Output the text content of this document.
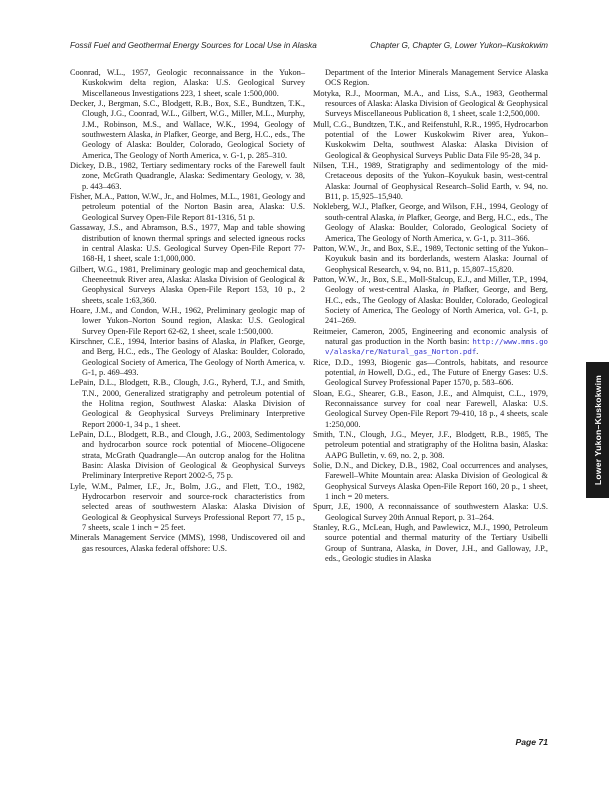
Fossil Fuel and Geothermal Energy Sources for Local Use in Alaska	Chapter G, Chapter G, Lower Yukon–Kuskokwim

Coonrad, W.L., 1957, Geologic reconnaissance in the Yukon–Kuskokwim delta region, Alaska: U.S. Geological Survey Miscellaneous Investigations 223, 1 sheet, scale 1:500,000.

Decker, J., Bergman, S.C., Blodgett, R.B., Box, S.E., Bundtzen, T.K., Clough, J.G., Coonrad, W.L., Gilbert, W.G., Miller, M.L., Murphy, J.M., Robinson, M.S., and Wallace, W.K., 1994, Geology of southwestern Alaska, in Plafker, George, and Berg, H.C., eds., The Geology of Alaska: Boulder, Colorado, Geological Society of America, The Geology of North America, v. G-1, p. 285–310.

Dickey, D.B., 1982, Tertiary sedimentary rocks of the Farewell fault zone, McGrath Quadrangle, Alaska: Sedimentary Geology, v. 38, p. 443–463.

Fisher, M.A., Patton, W.W., Jr., and Holmes, M.L., 1981, Geology and petroleum potential of the Norton Basin area, Alaska: U.S. Geological Survey Open-File Report 81-1316, 51 p.

Gassaway, J.S., and Abramson, B.S., 1977, Map and table showing distribution of known thermal springs and selected igneous rocks in central Alaska: U.S. Geological Survey Open-File Report 77-168-H, 1 sheet, scale 1:1,000,000.

Gilbert, W.G., 1981, Preliminary geologic map and geochemical data, Cheeneetnuk River area, Alaska: Alaska Division of Geological & Geophysical Surveys Alaska Open-File Report 153, 10 p., 2 sheets, scale 1:63,360.

Hoare, J.M., and Condon, W.H., 1962, Preliminary geologic map of lower Yukon–Norton Sound region, Alaska: U.S. Geological Survey Open-File Report 62-62, 1 sheet, scale 1:500,000.

Kirschner, C.E., 1994, Interior basins of Alaska, in Plafker, George, and Berg, H.C., eds., The Geology of Alaska: Boulder, Colorado, Geological Society of America, The Geology of North America, v. G-1, p. 469–493.

LePain, D.L., Blodgett, R.B., Clough, J.G., Ryherd, T.J., and Smith, T.N., 2000, Generalized stratigraphy and petroleum potential of the Holitna region, Southwest Alaska: Alaska Division of Geological & Geophysical Surveys Preliminary Interpretive Report 2000-1, 34 p., 1 sheet.

LePain, D.L., Blodgett, R.B., and Clough, J.G., 2003, Sedimentology and hydrocarbon source rock potential of Miocene–Oligocene strata, McGrath Quadrangle—An outcrop analog for the Holitna Basin: Alaska Division of Geological & Geophysical Surveys Preliminary Interpretive Report 2002-5, 75 p.

Lyle, W.M., Palmer, I.F., Jr., Bolm, J.G., and Flett, T.O., 1982, Hydrocarbon reservoir and source-rock characteristics from selected areas of southwestern Alaska: Alaska Division of Geological & Geophysical Surveys Professional Report 77, 15 p., 7 sheets, scale 1 inch = 25 feet.

Minerals Management Service (MMS), 1998, Undiscovered oil and gas resources, Alaska federal offshore: U.S.

Department of the Interior Minerals Management Service Alaska OCS Region.

Motyka, R.J., Moorman, M.A., and Liss, S.A., 1983, Geothermal resources of Alaska: Alaska Division of Geological & Geophysical Surveys Miscellaneous Publication 8, 1 sheet, scale 1:2,500,000.

Mull, C.G., Bundtzen, T.K., and Reifenstuhl, R.R., 1995, Hydrocarbon potential of the Lower Kuskokwim River area, Yukon–Kuskokwim Delta, southwest Alaska: Alaska Division of Geological & Geophysical Surveys Public Data File 95-28, 34 p.

Nilsen, T.H., 1989, Stratigraphy and sedimentology of the mid-Cretaceous deposits of the Yukon–Koyukuk basin, west-central Alaska: Journal of Geophysical Research–Solid Earth, v. 94, no. B11, p. 15,925–15,940.

Nokleberg, W.J., Plafker, George, and Wilson, F.H., 1994, Geology of south-central Alaska, in Plafker, George, and Berg, H.C., eds., The Geology of Alaska: Boulder, Colorado, Geological Society of America, The Geology of North America, v. G-1, p. 311–366.

Patton, W.W., Jr., and Box, S.E., 1989, Tectonic setting of the Yukon–Koyukuk basin and its borderlands, western Alaska: Journal of Geophysical Research, v. 94, no. B11, p. 15,807–15,820.

Patton, W.W., Jr., Box, S.E., Moll-Stalcup, E.J., and Miller, T.P., 1994, Geology of west-central Alaska, in Plafker, George, and Berg, H.C., eds., The Geology of Alaska: Boulder, Colorado, Geological Society of America, The Geology of North America, vol. G-1, p. 241–269.

Reitmeier, Cameron, 2005, Engineering and economic analysis of natural gas production in the North basin: http://www.mms.gov/alaska/re/Natural_gas_Norton.pdf.

Rice, D.D., 1993, Biogenic gas—Controls, habitats, and resource potential, in Howell, D.G., ed., The Future of Energy Gases: U.S. Geological Survey Professional Paper 1570, p. 583–606.

Sloan, E.G., Shearer, G.B., Eason, J.E., and Almquist, C.L., 1979, Reconnaissance survey for coal near Farewell, Alaska: U.S. Geological Survey Open-File Report 79-410, 18 p., 4 sheets, scale 1:250,000.

Smith, T.N., Clough, J.G., Meyer, J.F., Blodgett, R.B., 1985, The petroleum potential and stratigraphy of the Holitna basin, Alaska: AAPG Bulletin, v. 69, no. 2, p. 308.

Solie, D.N., and Dickey, D.B., 1982, Coal occurrences and analyses, Farewell–White Mountain area: Alaska Division of Geological & Geophysical Surveys Alaska Open-File Report 160, 20 p., 1 sheet, 1 inch = 20 meters.

Spurr, J.E, 1900, A reconnaissance of southwestern Alaska: U.S. Geological Survey 20th Annual Report, p. 31–264.

Stanley, R.G., McLean, Hugh, and Pawlewicz, M.J., 1990, Petroleum source potential and thermal maturity of the Tertiary Usibelli Group of Suntrana, Alaska, in Dover, J.H., and Galloway, J.P., eds., Geologic studies in Alaska

Lower Yukon–Kuskokwim
Page 71
